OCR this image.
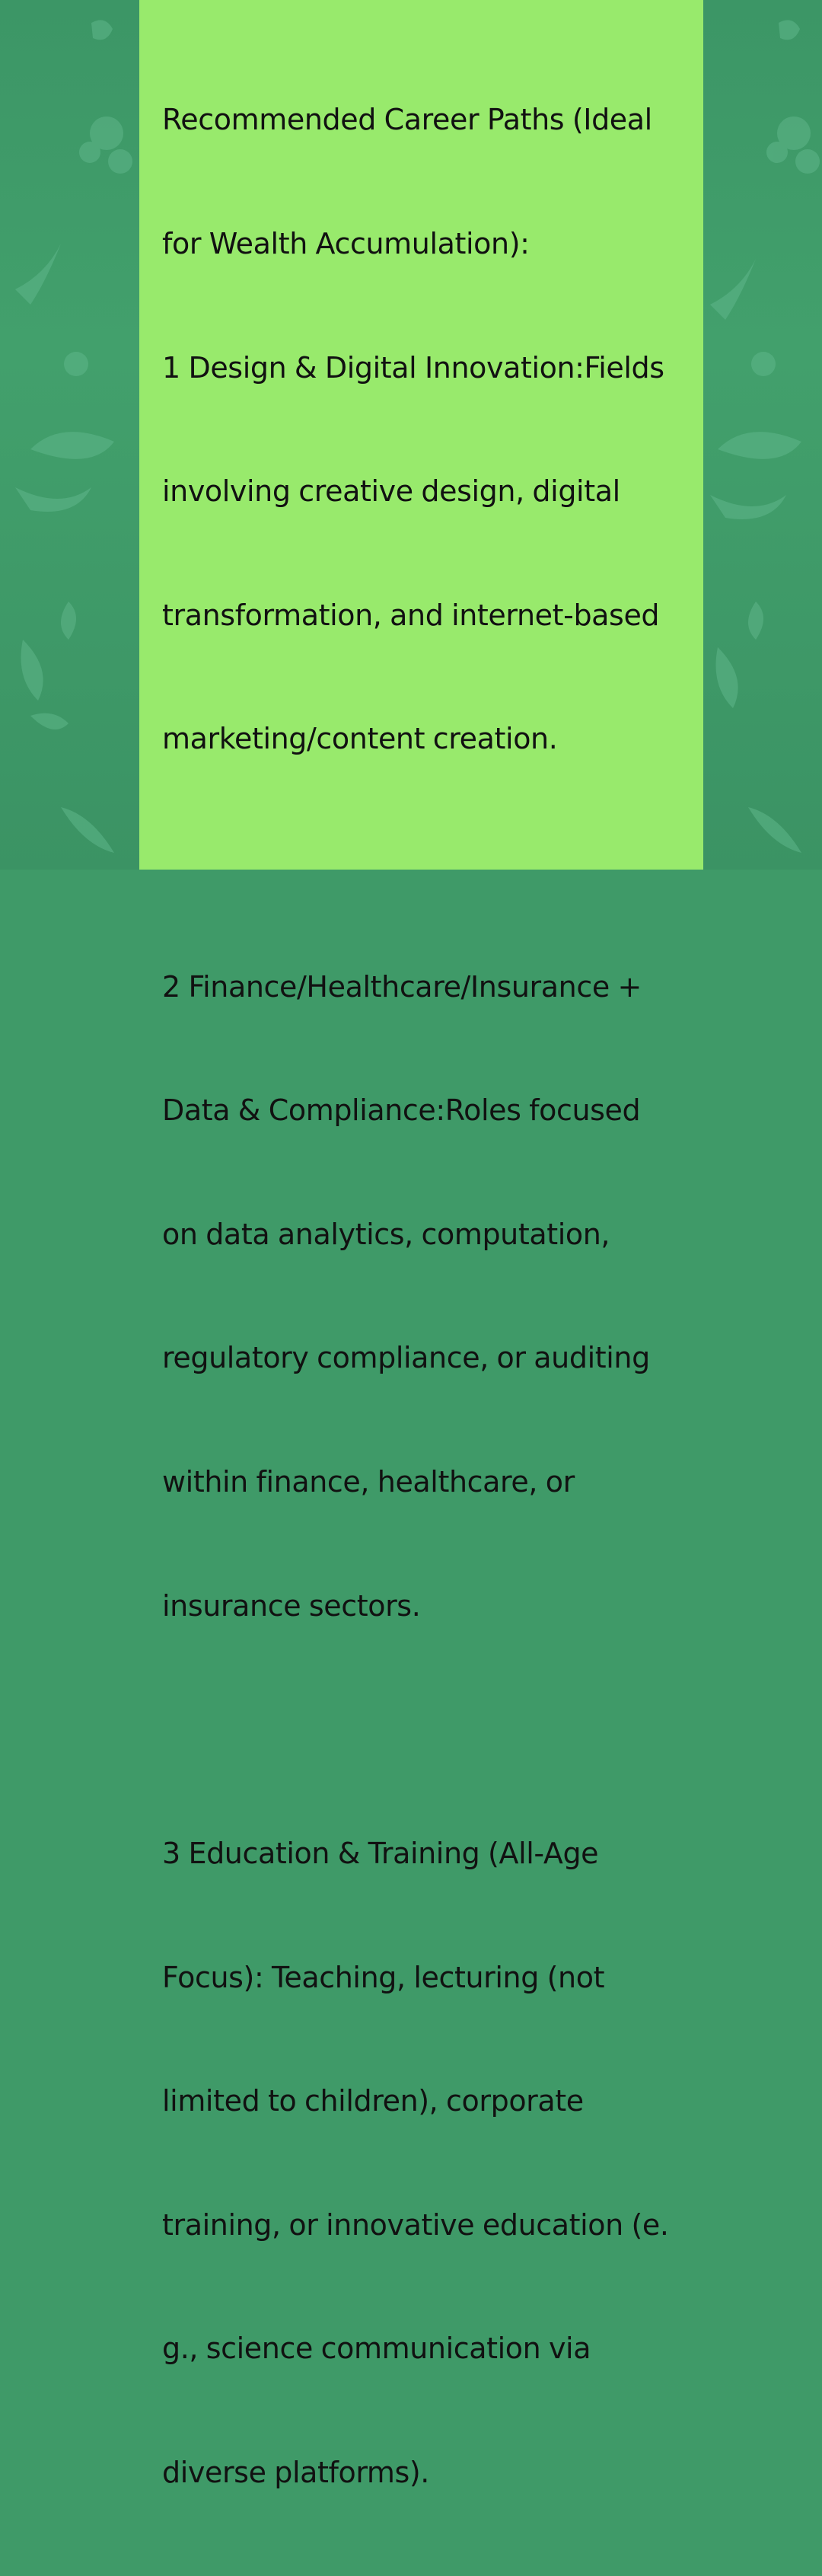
Recommended Career Paths (Ideal

for Wealth Accumulation):

1 Design & Digital Innovation:Fields

involving creative design, digital

transformation, and internet-based

marketing/content creation.

2 Finance/Healthcare/Insurance +

Data & Compliance:Roles focused

on data analytics, computation,

regulatory compliance, or auditing

within finance, healthcare, or

insurance sectors.

3 Education & Training (All-Age

Focus): Teaching, lecturing (not

limited to children), corporate

training, or innovative education (e.

g., science communication via

diverse platforms).
